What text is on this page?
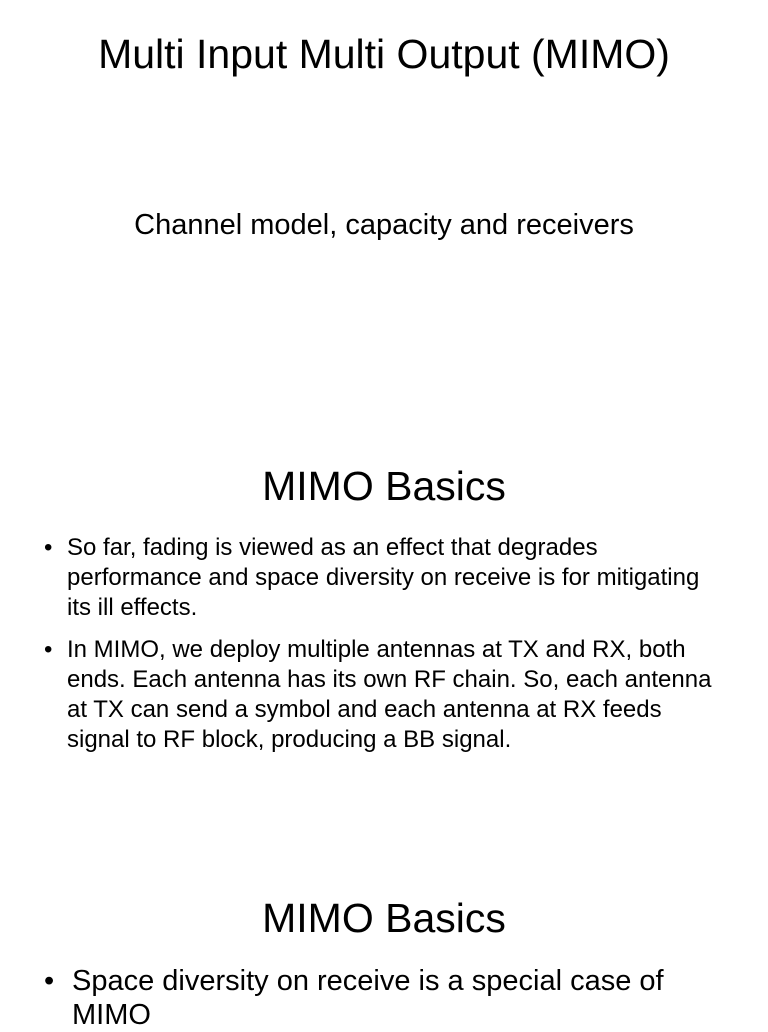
Multi Input Multi Output (MIMO)

Channel model, capacity and receivers

MIMO Basics
• So far, fading is viewed as an effect that degrades performance and space diversity on receive is for mitigating its ill effects.
• In MIMO, we deploy multiple antennas at TX and RX, both ends. Each antenna has its own RF chain. So, each antenna at TX can send a symbol and each antenna at RX feeds signal to RF block, producing a BB signal.
MIMO Basics
• Space diversity on receive is a special case of MIMO
